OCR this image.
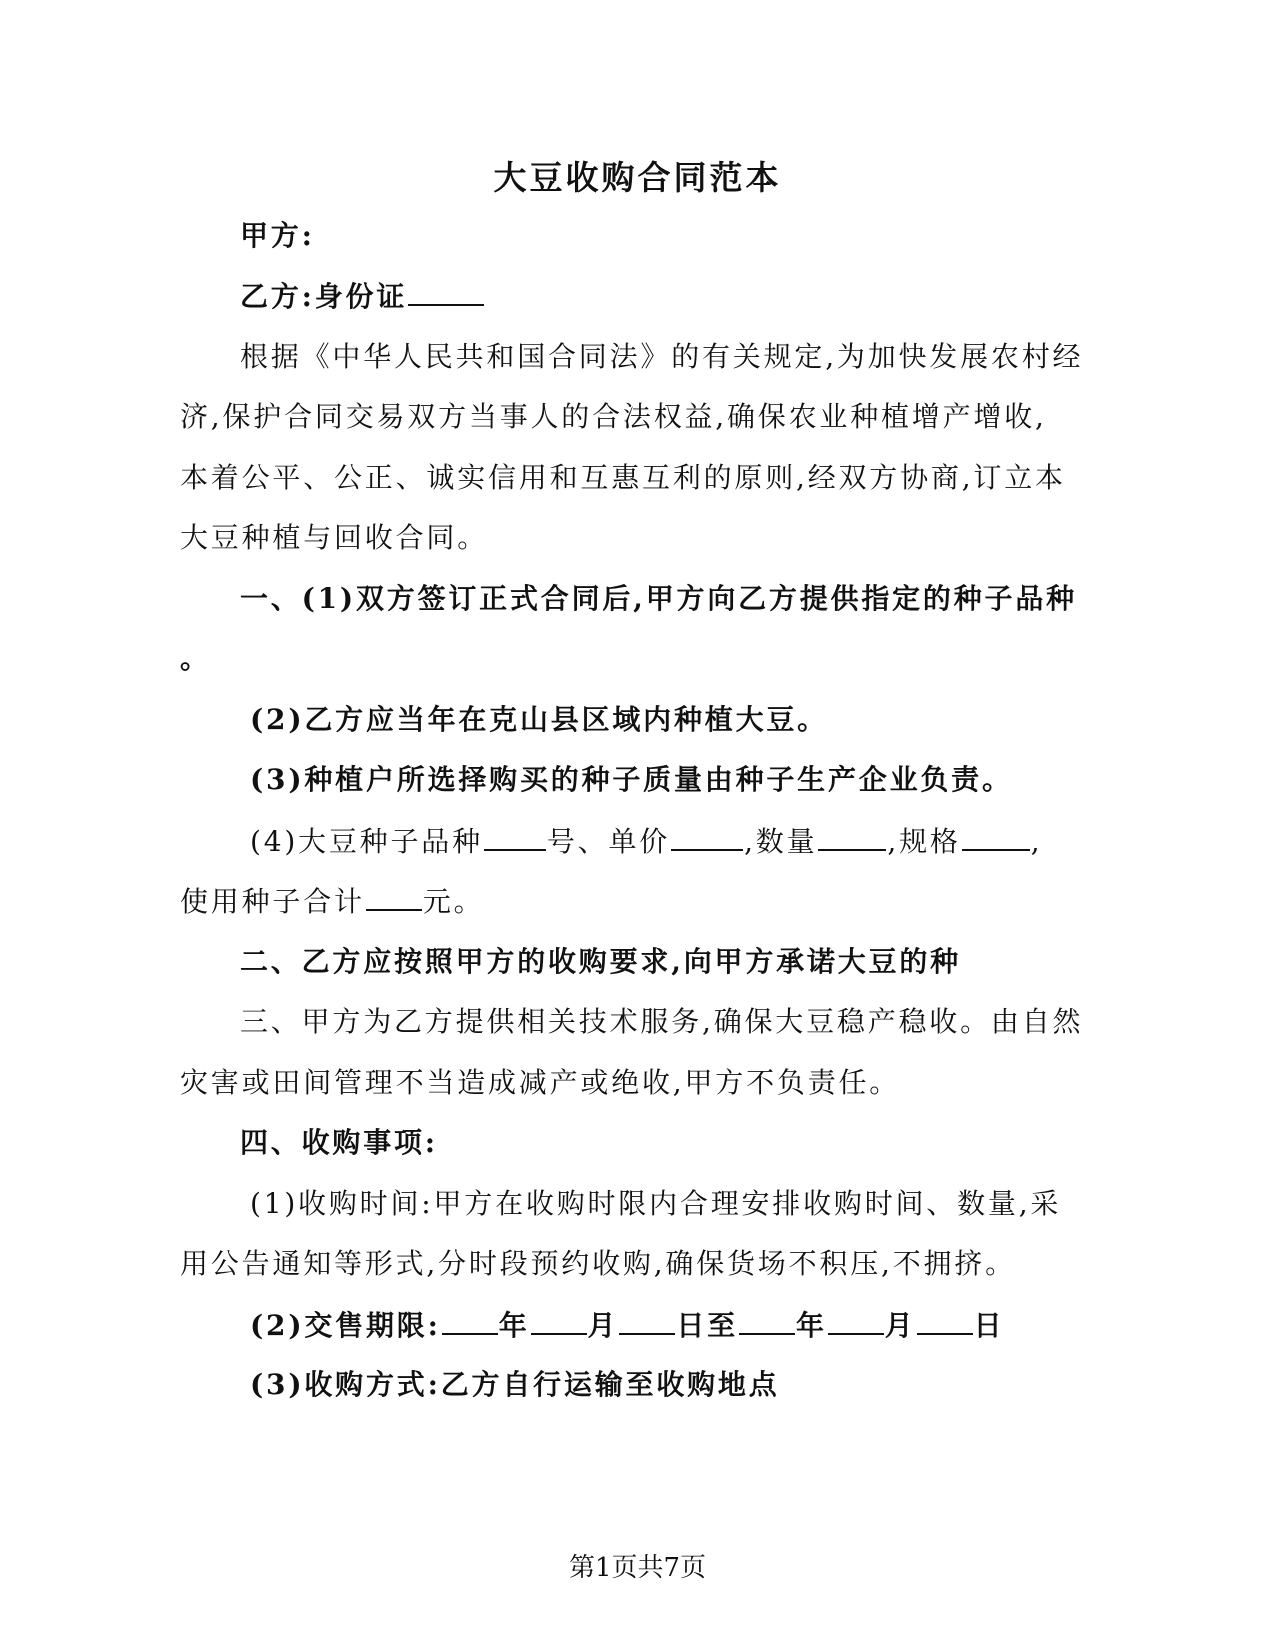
大豆收购合同范本
甲方:
乙方:身份证
根据《中华人民共和国合同法》的有关规定,为加快发展农村经
济,保护合同交易双方当事人的合法权益,确保农业种植增产增收,
本着公平、公正、诚实信用和互惠互利的原则,经双方协商,订立本
大豆种植与回收合同。
一、(1)双方签订正式合同后,甲方向乙方提供指定的种子品种
。
(2)乙方应当年在克山县区域内种植大豆。
(3)种植户所选择购买的种子质量由种子生产企业负责。
(4)大豆种子品种 号、单价	,数量	,规格	,
使用种子合计 元。
二、乙方应按照甲方的收购要求,向甲方承诺大豆的种
三、甲方为乙方提供相关技术服务,确保大豆稳产稳收。由自然
灾害或田间管理不当造成减产或绝收,甲方不负责任。
四、收购事项:
(1)收购时间:甲方在收购时限内合理安排收购时间、数量,采
用公告通知等形式,分时段预约收购,确保货场不积压,不拥挤。
(2)交售期限: 年 月 日至 年 月 日
(3)收购方式:乙方自行运输至收购地点
第1页共7页
